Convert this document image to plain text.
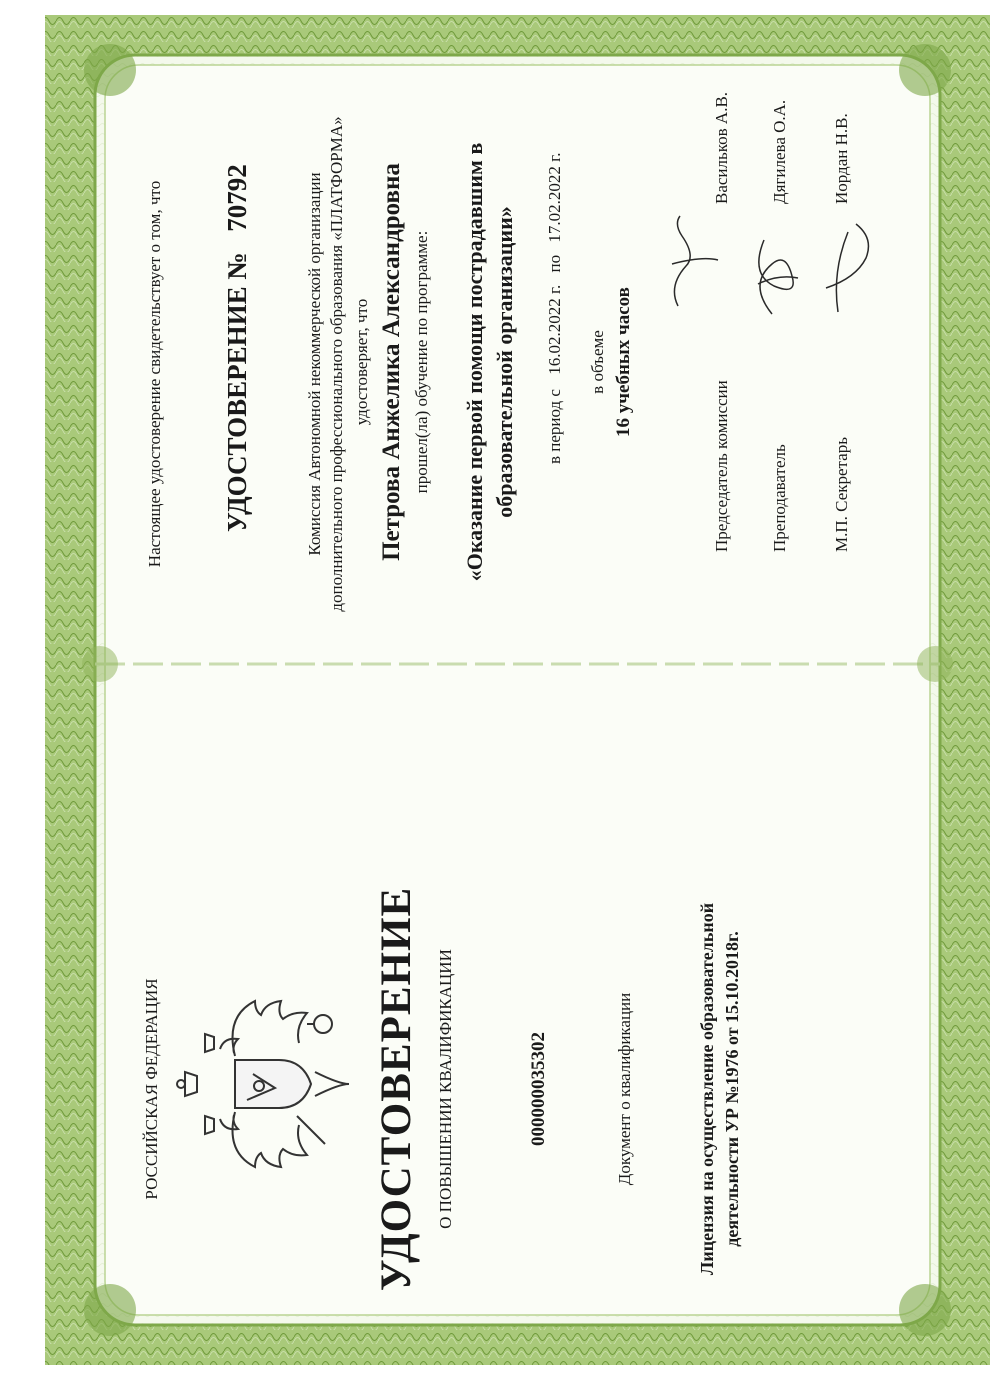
РОССИЙСКАЯ ФЕДЕРАЦИЯ	УДОСТОВЕРЕНИЕ О ПОВЫШЕНИИ КВАЛИФИКАЦИИ	000000035302	Документ о квалификации	Лицензия на осуществление образовательной деятельности УР №1976 от 15.10.2018г.
Настоящее удостоверение свидетельствует о том, что УДОСТОВЕРЕНИЕ № 70792	Комиссия Автономной некоммерческой организации дополнительного профессионального образования «ПЛАТФОРМА» удостоверяет, что Петрова Анжелика Александровна прошел(ла) обучение по программе: «Оказание первой помощи пострадавшим в образовательной организации» в период с 16.02.2022 г. по 17.02.2022 г.
в объеме 16 учебных часов
Председатель комиссии
Васильков А.В.
Преподаватель
Дягилева О.А.
М.П. Секретарь
Иордан Н.В.
